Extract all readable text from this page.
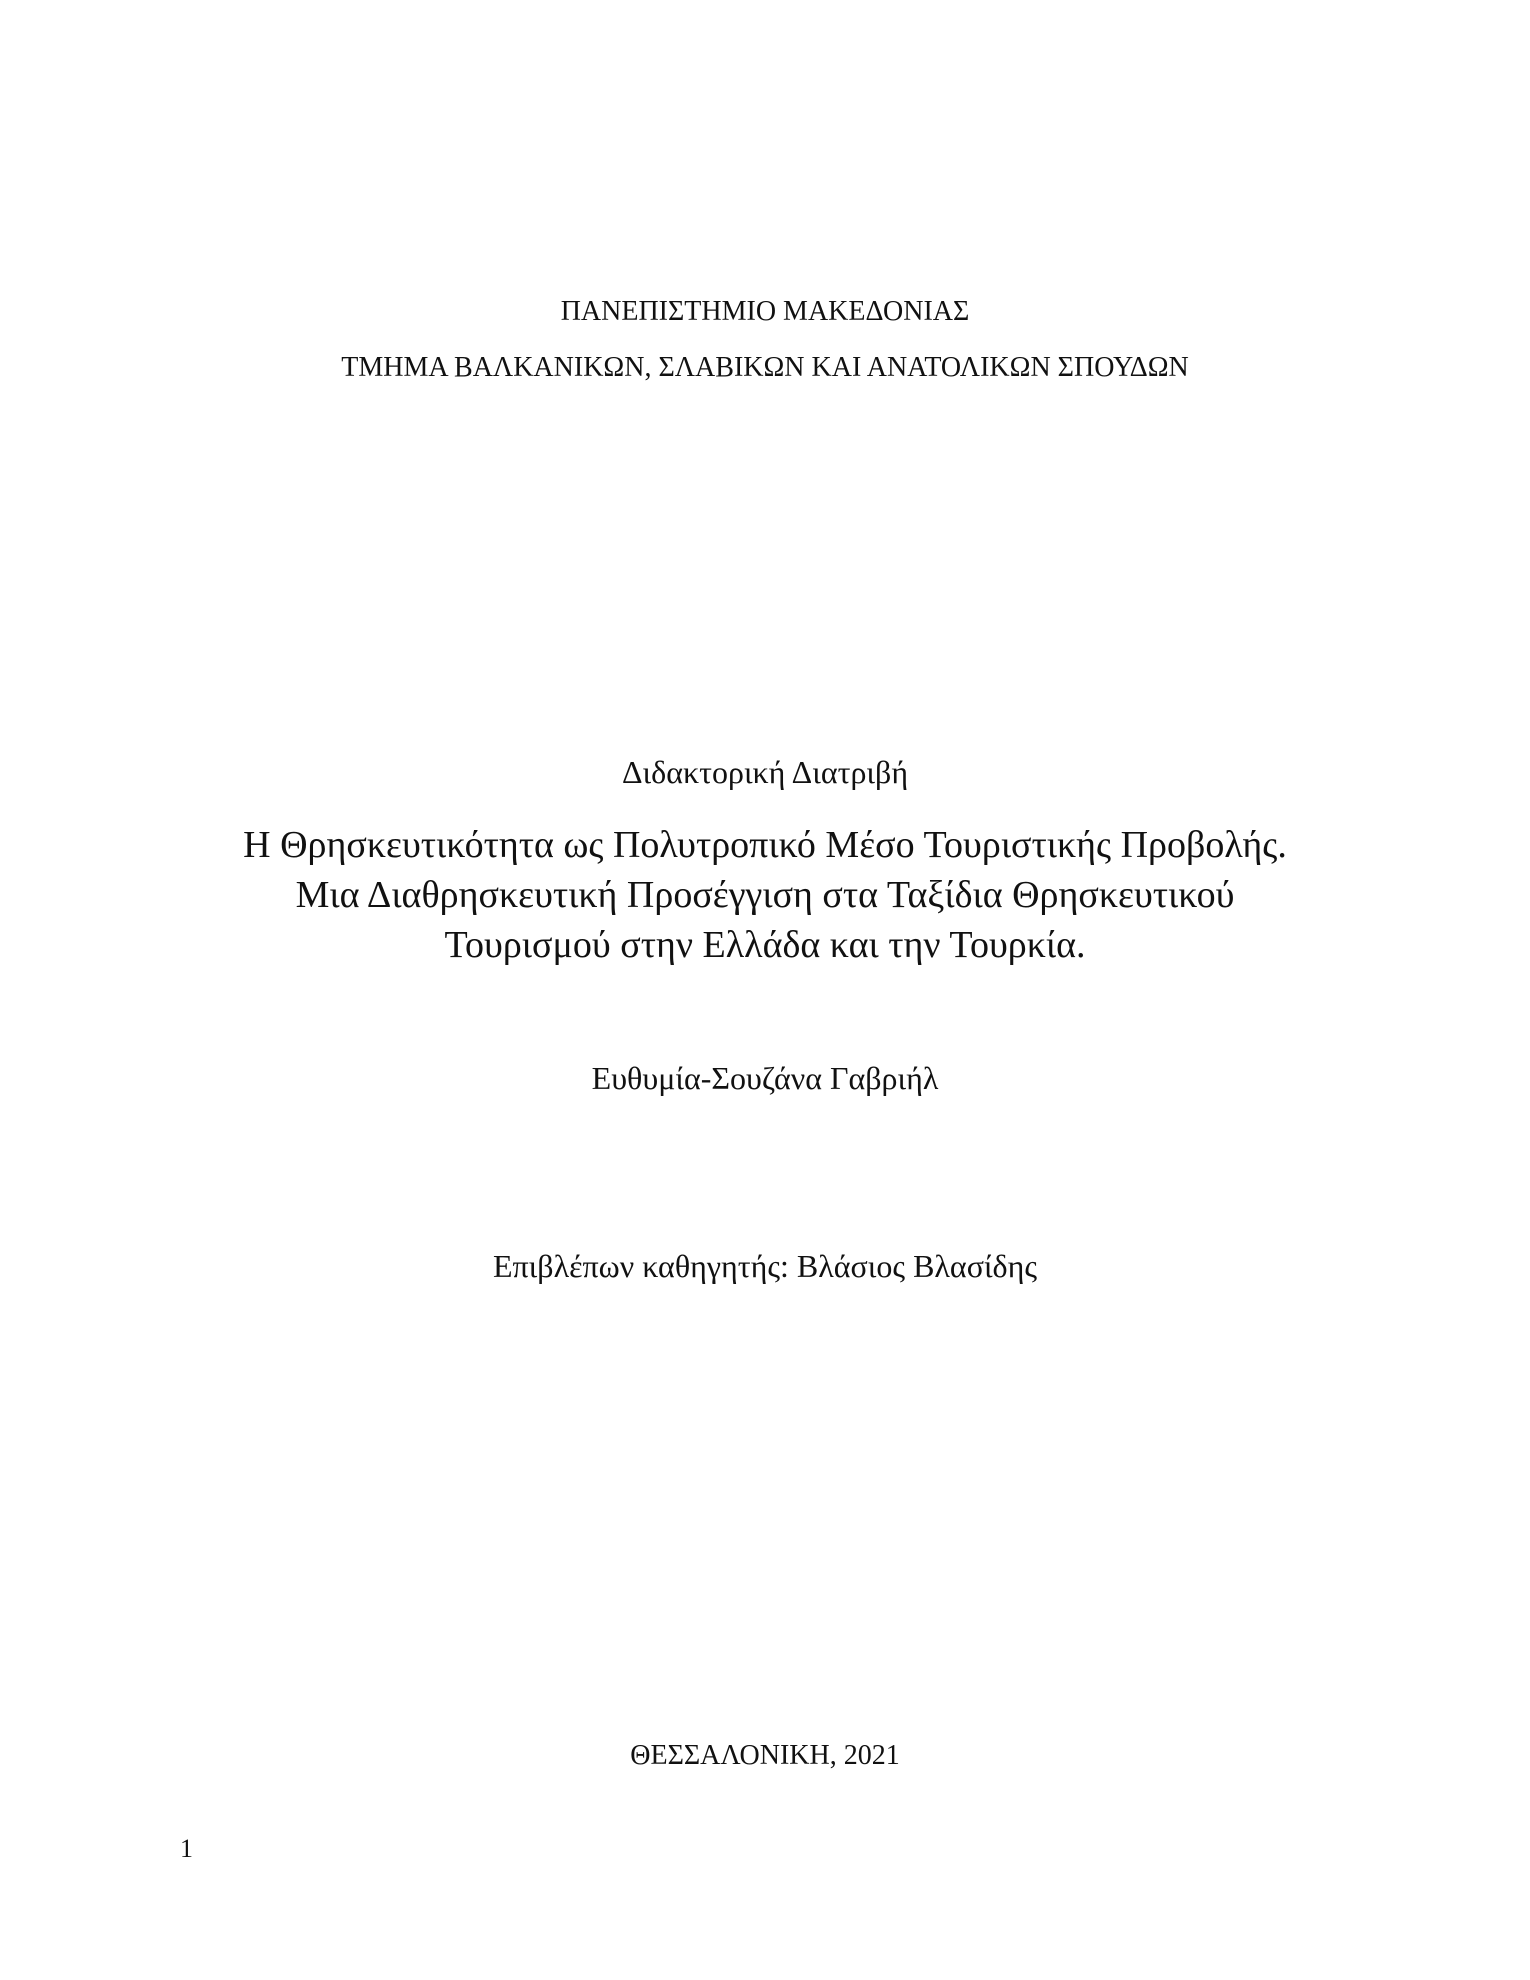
ΠΑΝΕΠΙΣΤΗΜΙΟ ΜΑΚΕΔΟΝΙΑΣ
ΤΜΗΜΑ ΒΑΛΚΑΝΙΚΩΝ, ΣΛΑΒΙΚΩΝ ΚΑΙ ΑΝΑΤΟΛΙΚΩΝ ΣΠΟΥΔΩΝ
Διδακτορική Διατριβή
Η Θρησκευτικότητα ως Πολυτροπικό Μέσο Τουριστικής Προβολής.
Μια Διαθρησκευτική Προσέγγιση στα Ταξίδια Θρησκευτικού
Τουρισμού στην Ελλάδα και την Τουρκία.
Ευθυμία-Σουζάνα Γαβριήλ
Επιβλέπων καθηγητής: Βλάσιος Βλασίδης
ΘΕΣΣΑΛΟΝΙΚΗ, 2021
1
